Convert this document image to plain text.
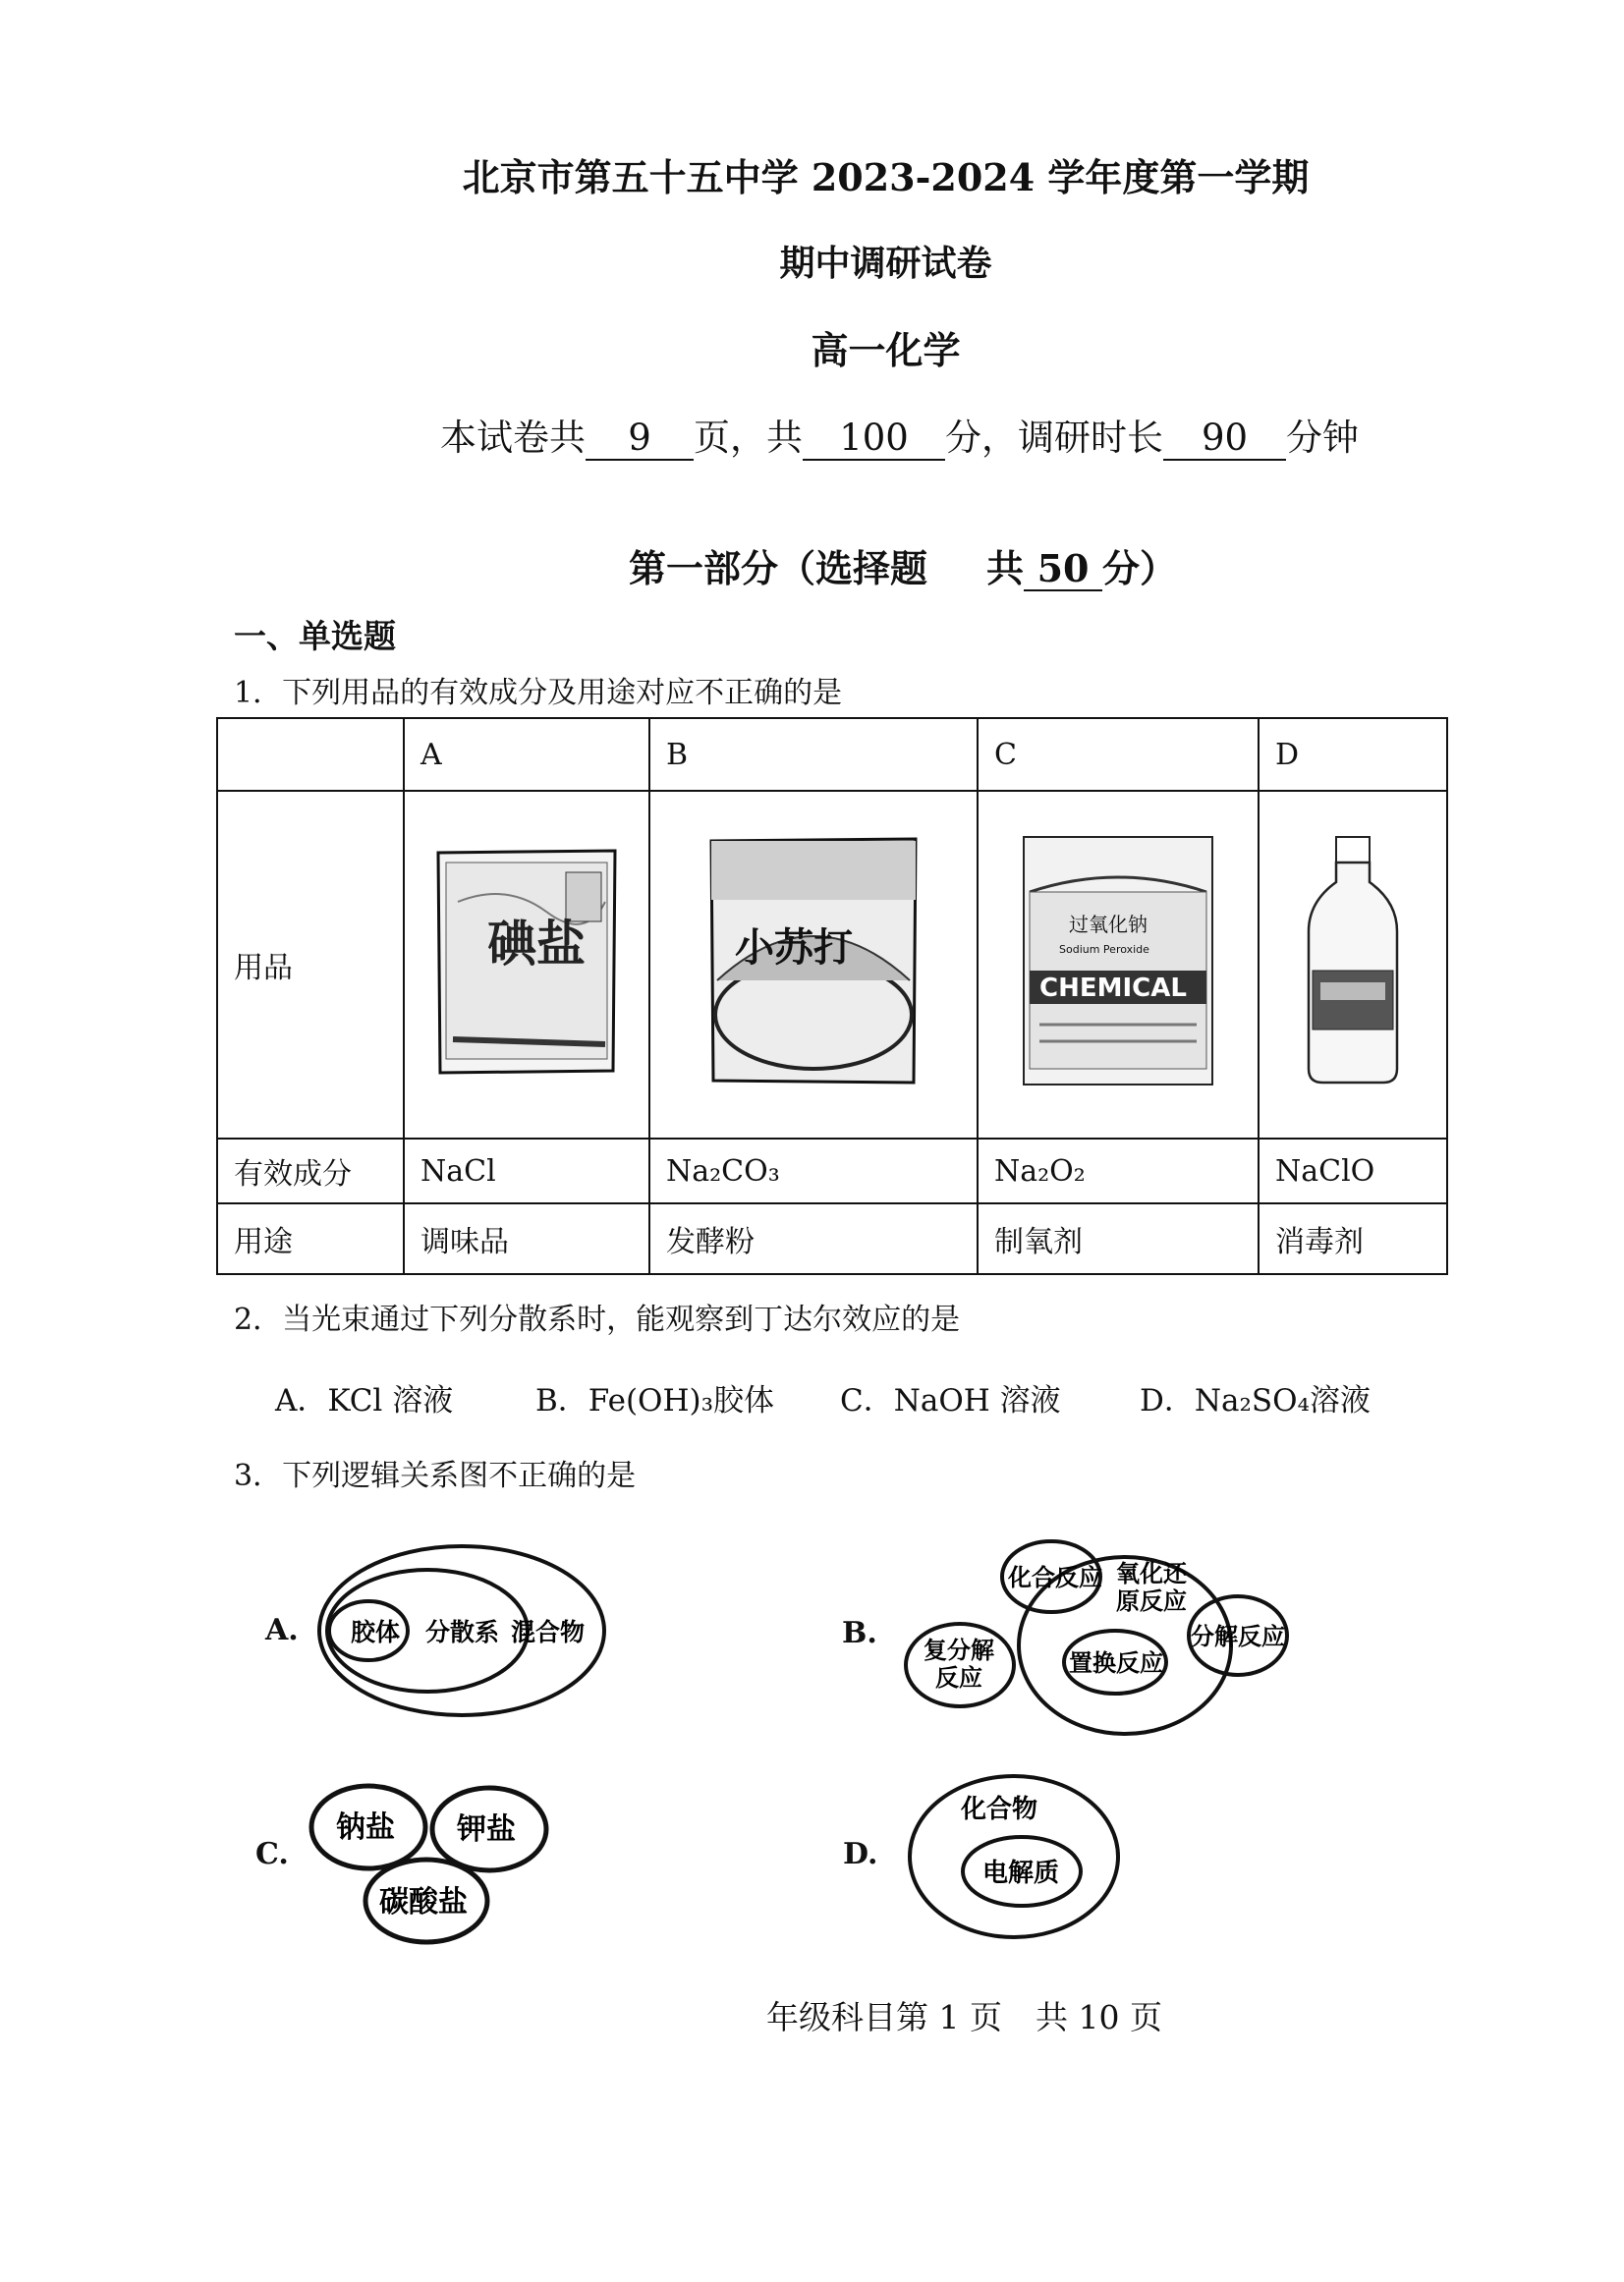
北京市第五十五中学 2023-2024 学年度第一学期
期中调研试卷
高一化学
本试卷共 9 页，共 100 分，调研时长 90 分钟
第一部分（选择题 共 50 分）
一、单选题
1．下列用品的有效成分及用途对应不正确的是
	A	B	C	D
用品	碘盐	小苏打	过氧化钠
Sodium Peroxide
CHEMICAL

有效成分	NaCl	Na₂CO₃	Na₂O₂	NaClO
用途	调味品	发酵粉	制氧剂	消毒剂
2．当光束通过下列分散系时，能观察到丁达尔效应的是
A．KCl 溶液	B．Fe(OH)₃胶体 C．NaOH 溶液	D．Na₂SO₄溶液
3．下列逻辑关系图不正确的是
A.	B.
C.	D.
胶体 分散系 混合物
化合反应 氧化还
原反应
分解反应
复分解
反应
置换反应
钠盐 钾盐
碳酸盐
化合物
电解质
年级科目第 1 页 共 10 页
